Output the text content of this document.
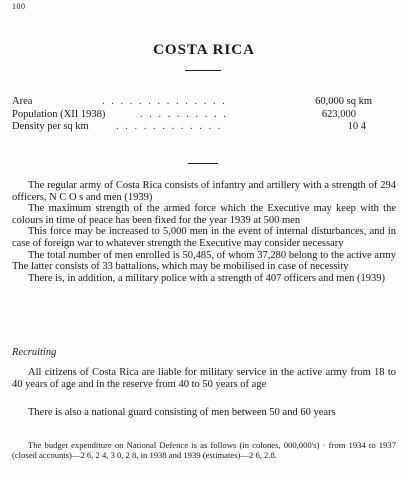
100
COSTA RICA
Area	. . . . . . . . . . . . . .	60,000 sq km
Population (XII 1938)	. . . . . . . . . .	623,000
Density per sq km	. . . . . . . . . . . .	10 4

The regular army of Costa Rica consists of infantry and artillery with a strength of 294 officers, N C O s and men (1939)

The maximum strength of the armed force which the Executive may keep with the colours in time of peace has been fixed for the year 1939 at 500 men

This force may be increased to 5,000 men in the event of internal disturbances, and in case of foreign war to whatever strength the Executive may consider necessary

The total number of men enrolled is 50,485, of whom 37,280 belong to the active army The latter consists of 33 battalions, which may be mobilised in case of necessity

There is, in addition, a military police with a strength of 407 officers and men (1939)

Recruiting

All citizens of Costa Rica are liable for military service in the active army from 18 to 40 years of age and in the reserve from 40 to 50 years of age

There is also a national guard consisting of men between 50 and 60 years

The budget expenditure on National Defence is as follows (in colones, 000,000's) · from 1934 to 1937 (closed accounts)—2 6, 2 4, 3 0, 2 8, in 1938 and 1939 (estimates)—2 6, 2.8.
